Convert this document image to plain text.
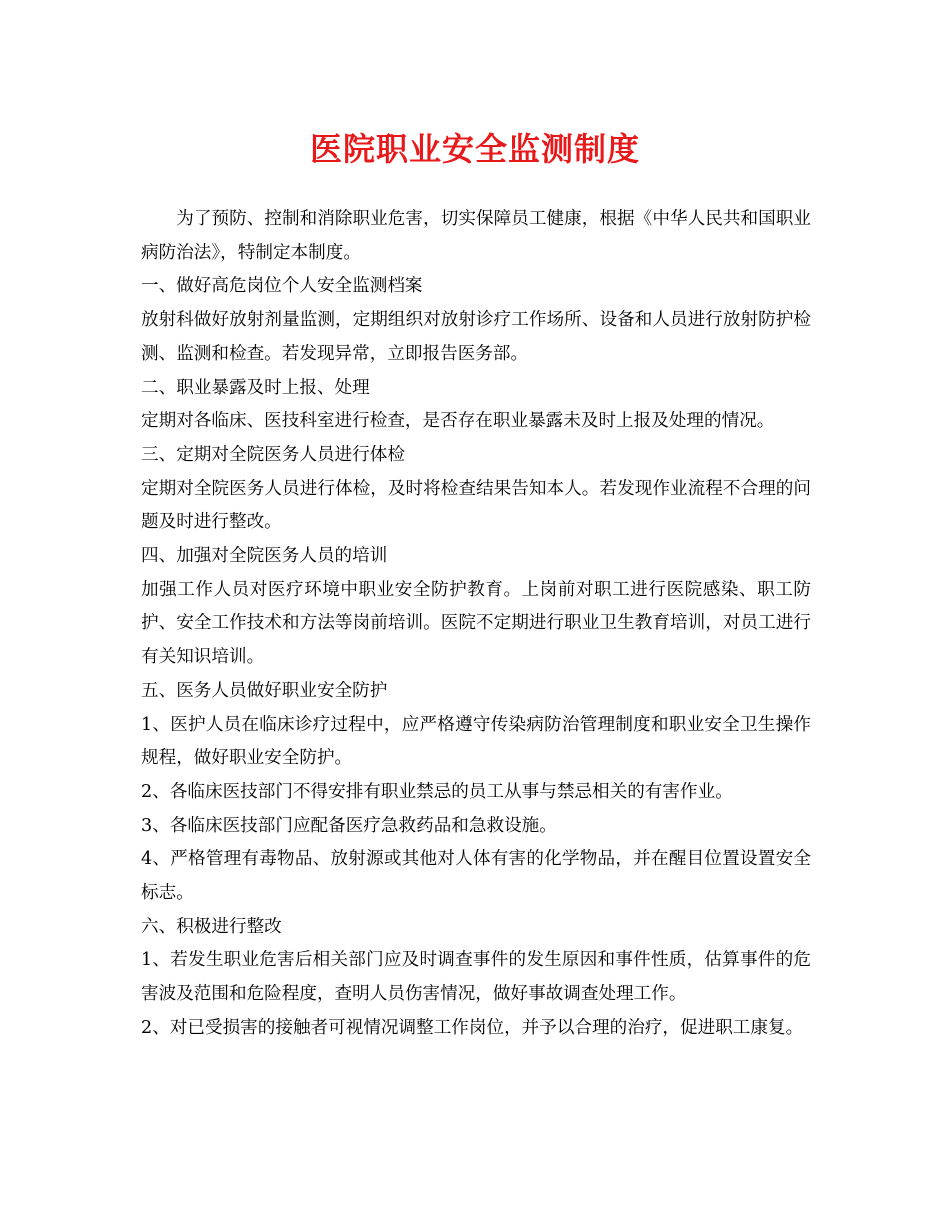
医院职业安全监测制度

为了预防、控制和消除职业危害，切实保障员工健康，根据《中华人民共和国职业病防治法》，特制定本制度。

一、做好高危岗位个人安全监测档案

放射科做好放射剂量监测，定期组织对放射诊疗工作场所、设备和人员进行放射防护检测、监测和检查。若发现异常，立即报告医务部。

二、职业暴露及时上报、处理

定期对各临床、医技科室进行检查，是否存在职业暴露未及时上报及处理的情况。

三、定期对全院医务人员进行体检

定期对全院医务人员进行体检，及时将检查结果告知本人。若发现作业流程不合理的问题及时进行整改。

四、加强对全院医务人员的培训

加强工作人员对医疗环境中职业安全防护教育。上岗前对职工进行医院感染、职工防护、安全工作技术和方法等岗前培训。医院不定期进行职业卫生教育培训，对员工进行有关知识培训。

五、医务人员做好职业安全防护

1、医护人员在临床诊疗过程中，应严格遵守传染病防治管理制度和职业安全卫生操作规程，做好职业安全防护。

2、各临床医技部门不得安排有职业禁忌的员工从事与禁忌相关的有害作业。

3、各临床医技部门应配备医疗急救药品和急救设施。

4、严格管理有毒物品、放射源或其他对人体有害的化学物品，并在醒目位置设置安全标志。

六、积极进行整改

1、若发生职业危害后相关部门应及时调查事件的发生原因和事件性质，估算事件的危害波及范围和危险程度，查明人员伤害情况，做好事故调查处理工作。

2、对已受损害的接触者可视情况调整工作岗位，并予以合理的治疗，促进职工康复。
